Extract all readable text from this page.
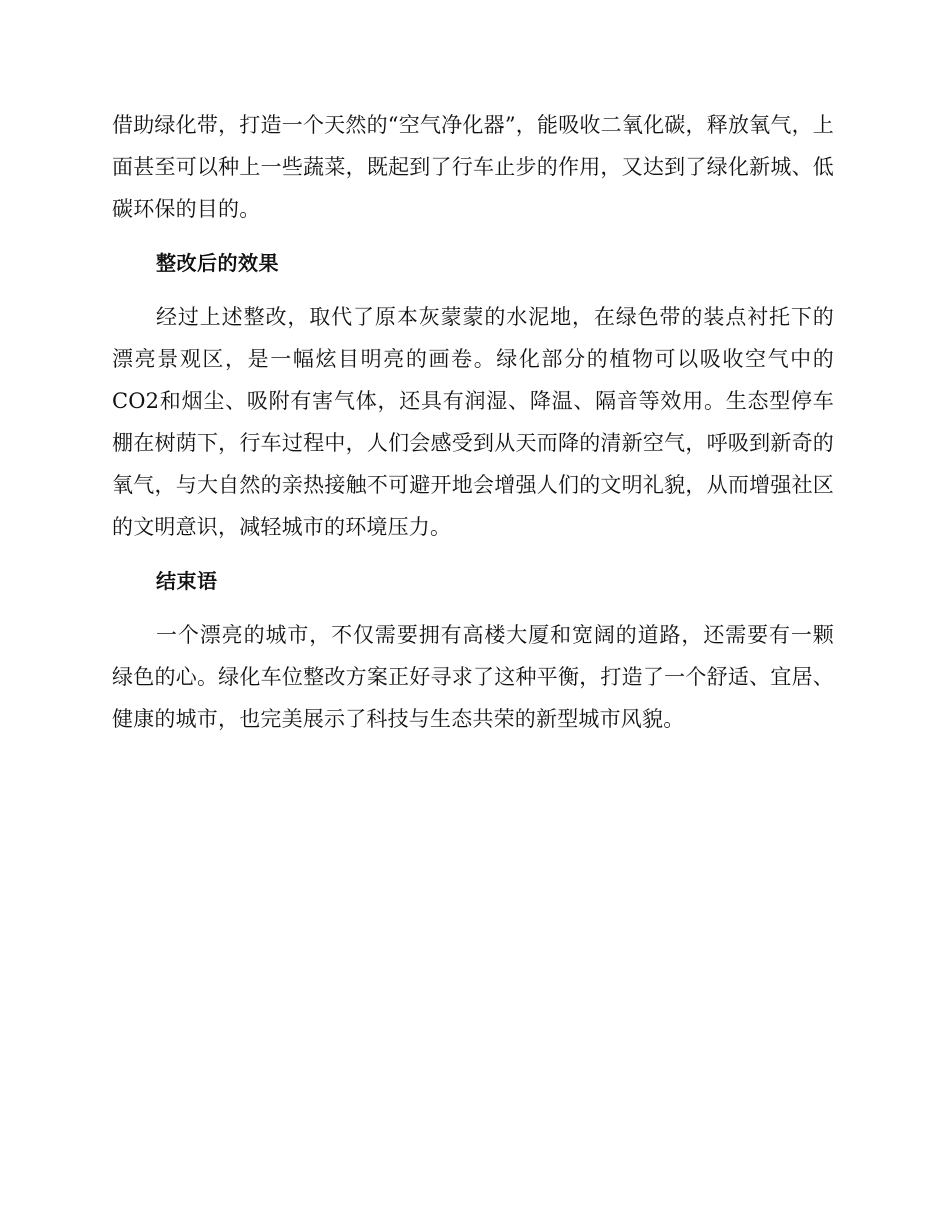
借助绿化带，打造一个天然的“空气净化器”，能吸收二氧化碳，释放氧气，上面甚至可以种上一些蔬菜，既起到了行车止步的作用，又达到了绿化新城、低碳环保的目的。

整改后的效果

经过上述整改，取代了原本灰蒙蒙的水泥地，在绿色带的装点衬托下的漂亮景观区，是一幅炫目明亮的画卷。绿化部分的植物可以吸收空气中的CO2和烟尘、吸附有害气体，还具有润湿、降温、隔音等效用。生态型停车棚在树荫下，行车过程中，人们会感受到从天而降的清新空气，呼吸到新奇的氧气，与大自然的亲热接触不可避开地会增强人们的文明礼貌，从而增强社区的文明意识，减轻城市的环境压力。

结束语

一个漂亮的城市，不仅需要拥有高楼大厦和宽阔的道路，还需要有一颗绿色的心。绿化车位整改方案正好寻求了这种平衡，打造了一个舒适、宜居、健康的城市，也完美展示了科技与生态共荣的新型城市风貌。
